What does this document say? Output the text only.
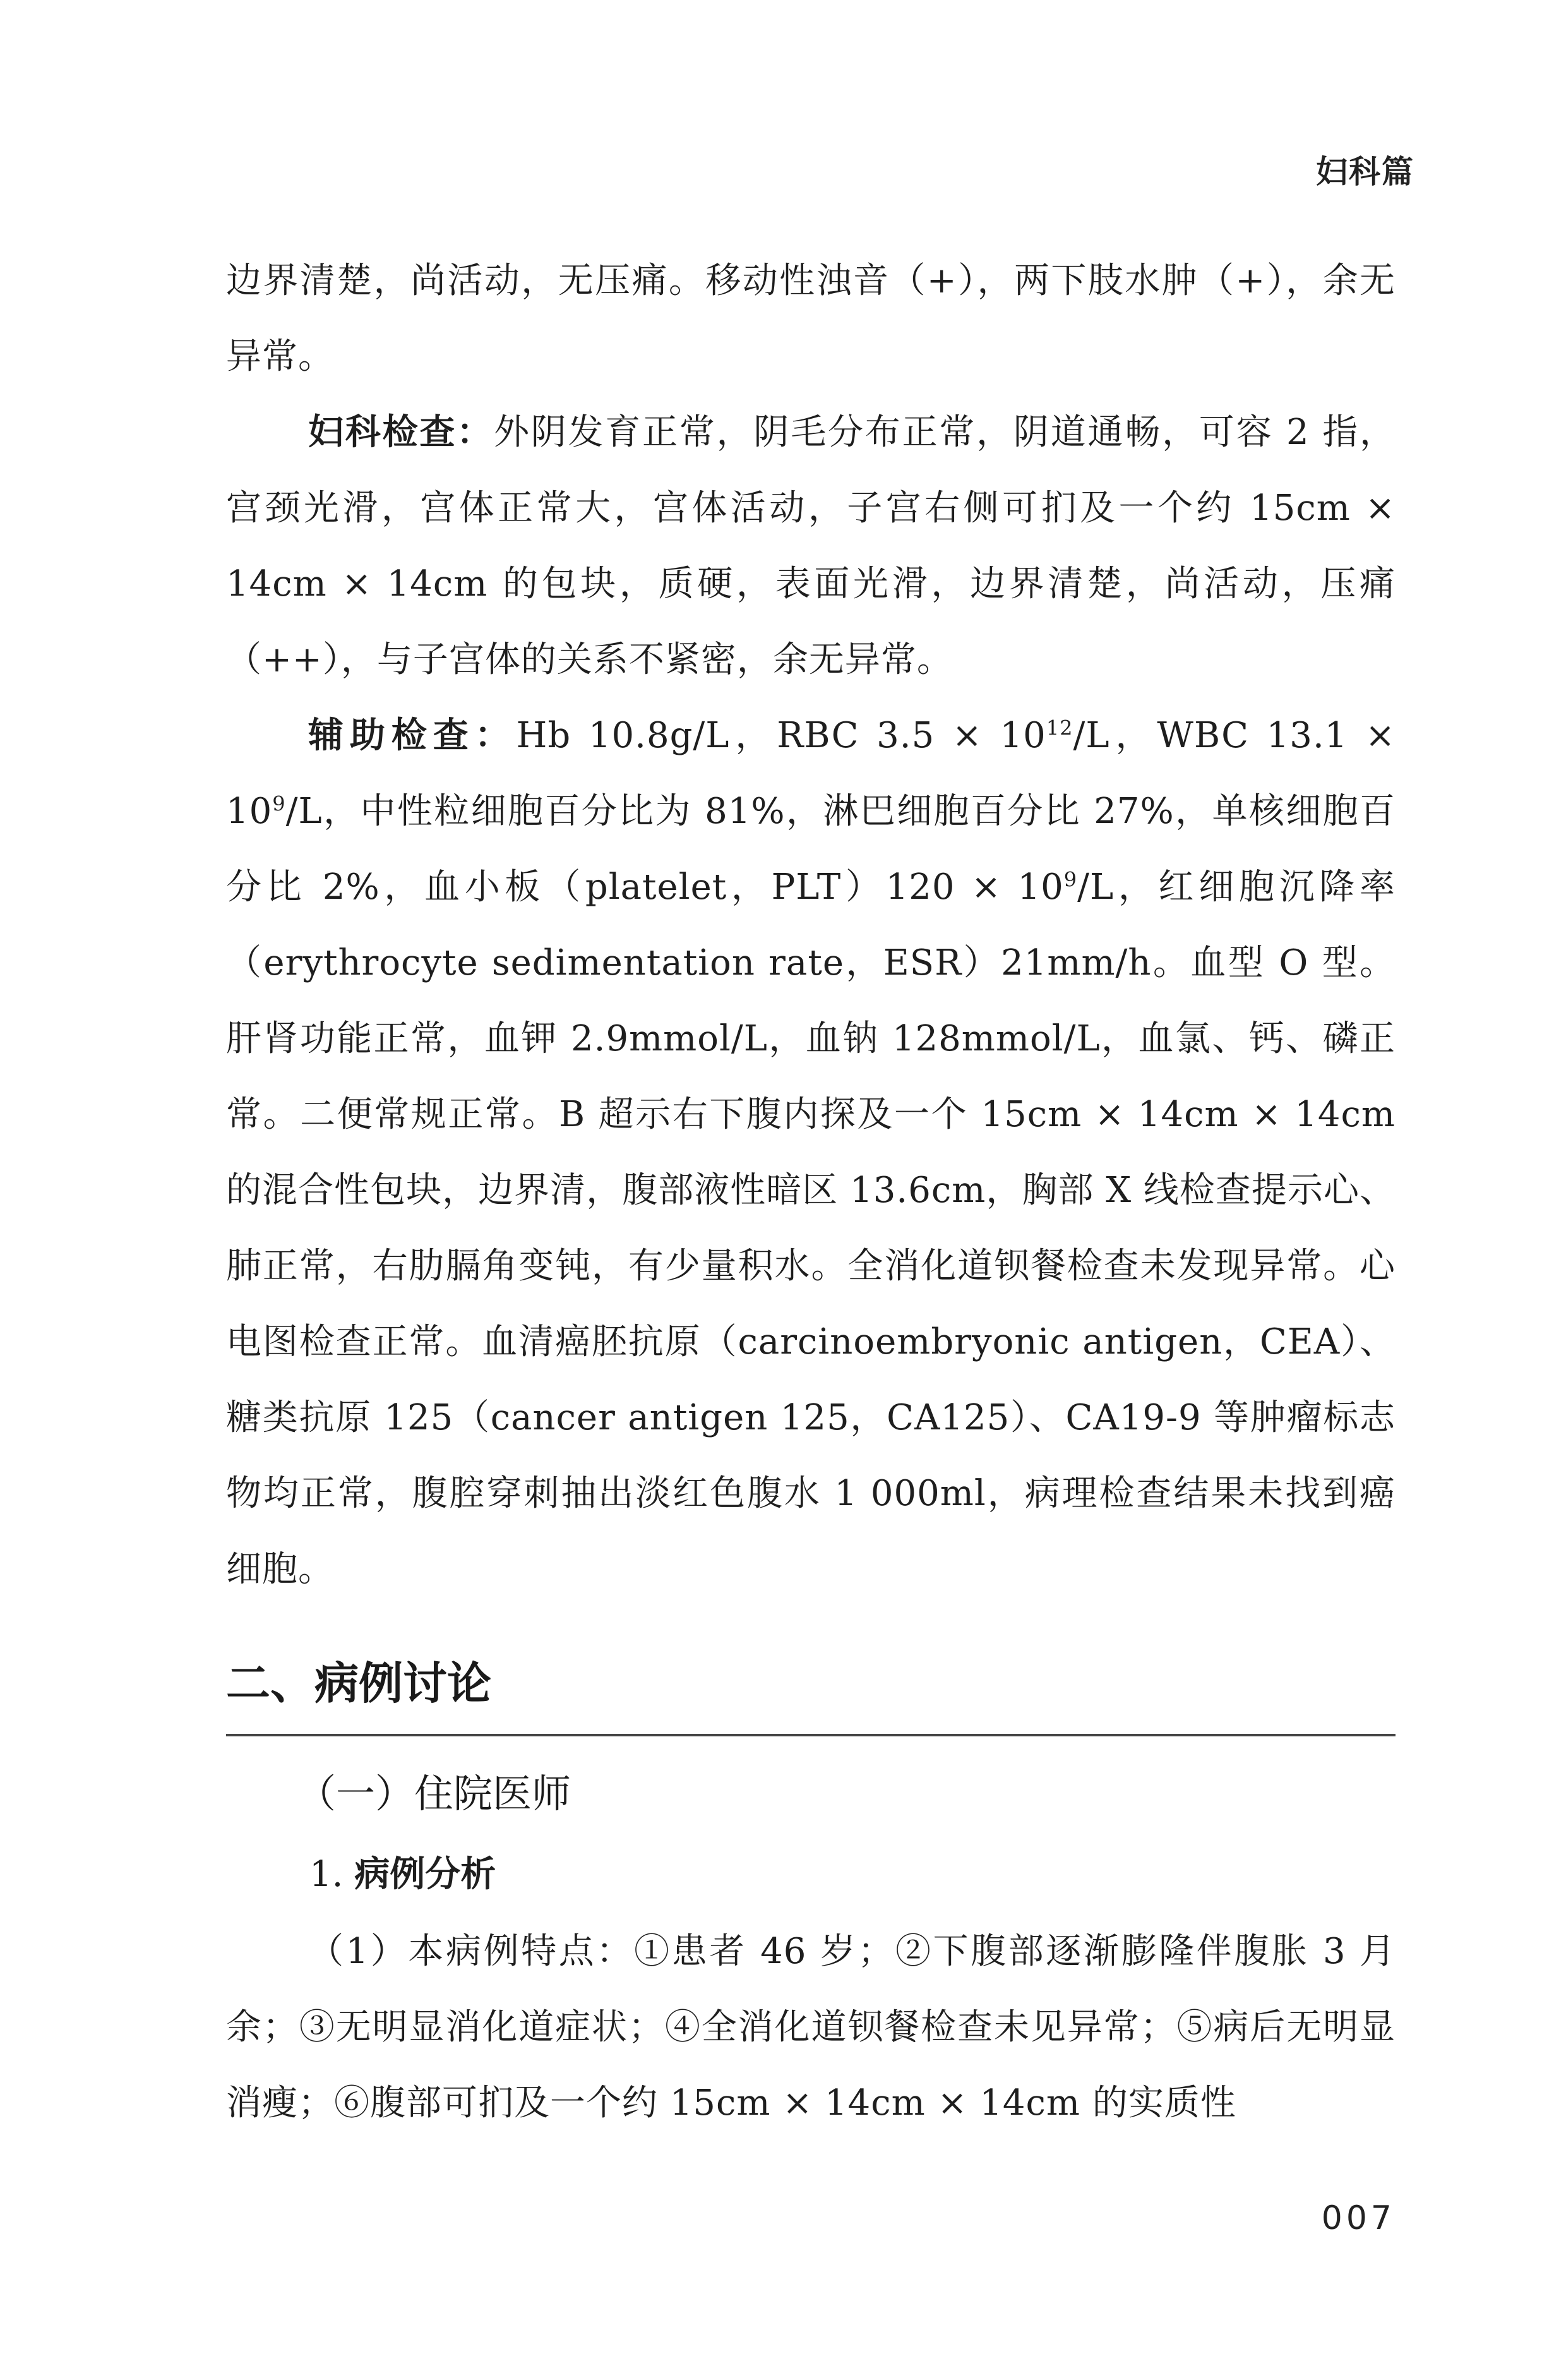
妇科篇

边界清楚，尚活动，无压痛。移动性浊音（+），两下肢水肿（+），余无异常。

妇科检查：外阴发育正常，阴毛分布正常，阴道通畅，可容 2 指，宫颈光滑，宫体正常大，宫体活动，子宫右侧可扪及一个约 15cm × 14cm × 14cm 的包块，质硬，表面光滑，边界清楚，尚活动，压痛（++），与子宫体的关系不紧密，余无异常。

辅助检查：Hb 10.8g/L，RBC $3.5 \times 10^{12}/L$，WBC $13.1 \times 10^9/L$，中性粒细胞百分比为 81%，淋巴细胞百分比 27%，单核细胞百分比 2%，血小板（platelet，$PLT)120 \times 10^9/L$，红细胞沉降率（erythrocyte sedimentation rate，ESR）21mm/h。血型 O 型。肝肾功能正常，血钾 2.9mmol/L，血钠 128mmol/L，血氯、钙、磷正常。二便常规正常。B 超示右下腹内探及一个 15cm × 14cm × 14cm 的混合性包块，边界清，腹部液性暗区 13.6cm，胸部 X 线检查提示心、肺正常，右肋膈角变钝，有少量积水。全消化道钡餐检查未发现异常。心电图检查正常。血清癌胚抗原（carcinoembryonic antigen，CEA）、糖类抗原 125（cancer antigen 125，CA125）、CA19-9 等肿瘤标志物均正常，腹腔穿刺抽出淡红色腹水 1 000ml，病理检查结果未找到癌细胞。

二、病例讨论
（一）住院医师
1. 病例分析

（1）本病例特点：①患者 46 岁；②下腹部逐渐膨隆伴腹胀 3 月余；③无明显消化道症状；④全消化道钡餐检查未见异常；⑤病后无明显消瘦；⑥腹部可扪及一个约 15cm × 14cm × 14cm 的实质性

007
